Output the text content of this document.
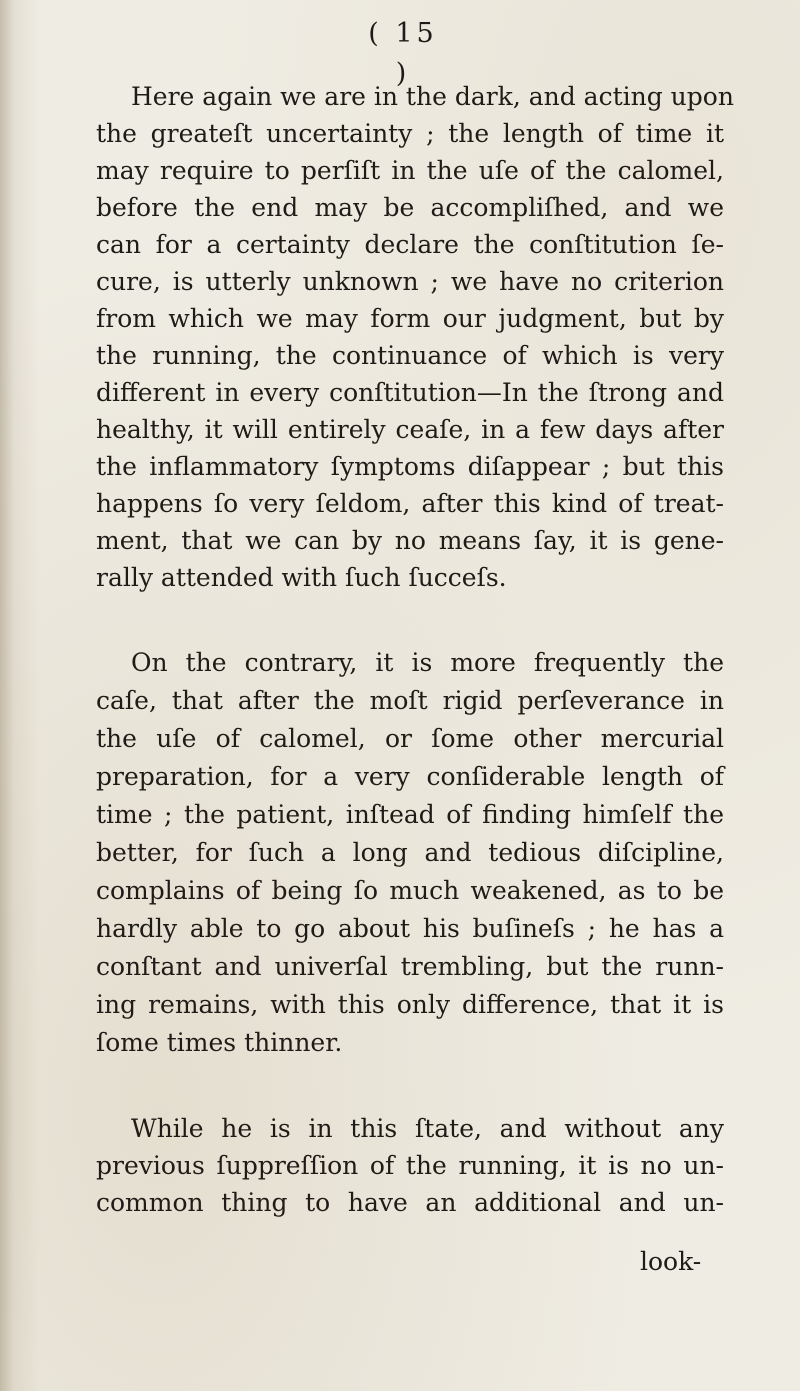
( 15 )
Here again we are in the dark, and acting upon
the greateſt uncertainty ; the length of time it
may require to perſiſt in the uſe of the calomel,
before the end may be accompliſhed, and we
can for a certainty declare the conſtitution ſe-
cure, is utterly unknown ; we have no criterion
from which we may form our judgment, but by
the running, the continuance of which is very
different in every conſtitution—In the ſtrong and
healthy, it will entirely ceaſe, in a few days after
the inflammatory ſymptoms diſappear ; but this
happens ſo very ſeldom, after this kind of treat-
ment, that we can by no means ſay, it is gene-
rally attended with ſuch ſucceſs.
On the contrary, it is more frequently the
caſe, that after the moſt rigid perſeverance in
the uſe of calomel, or ſome other mercurial
preparation, for a very conſiderable length of
time ; the patient, inſtead of finding himſelf the
better, for ſuch a long and tedious diſcipline,
complains of being ſo much weakened, as to be
hardly able to go about his buſineſs ; he has a
conſtant and univerſal trembling, but the runn-
ing remains, with this only difference, that it is
ſome times thinner.
While he is in this ſtate, and without any
previous ſuppreſſion of the running, it is no un-
common thing to have an additional and un-
look-
